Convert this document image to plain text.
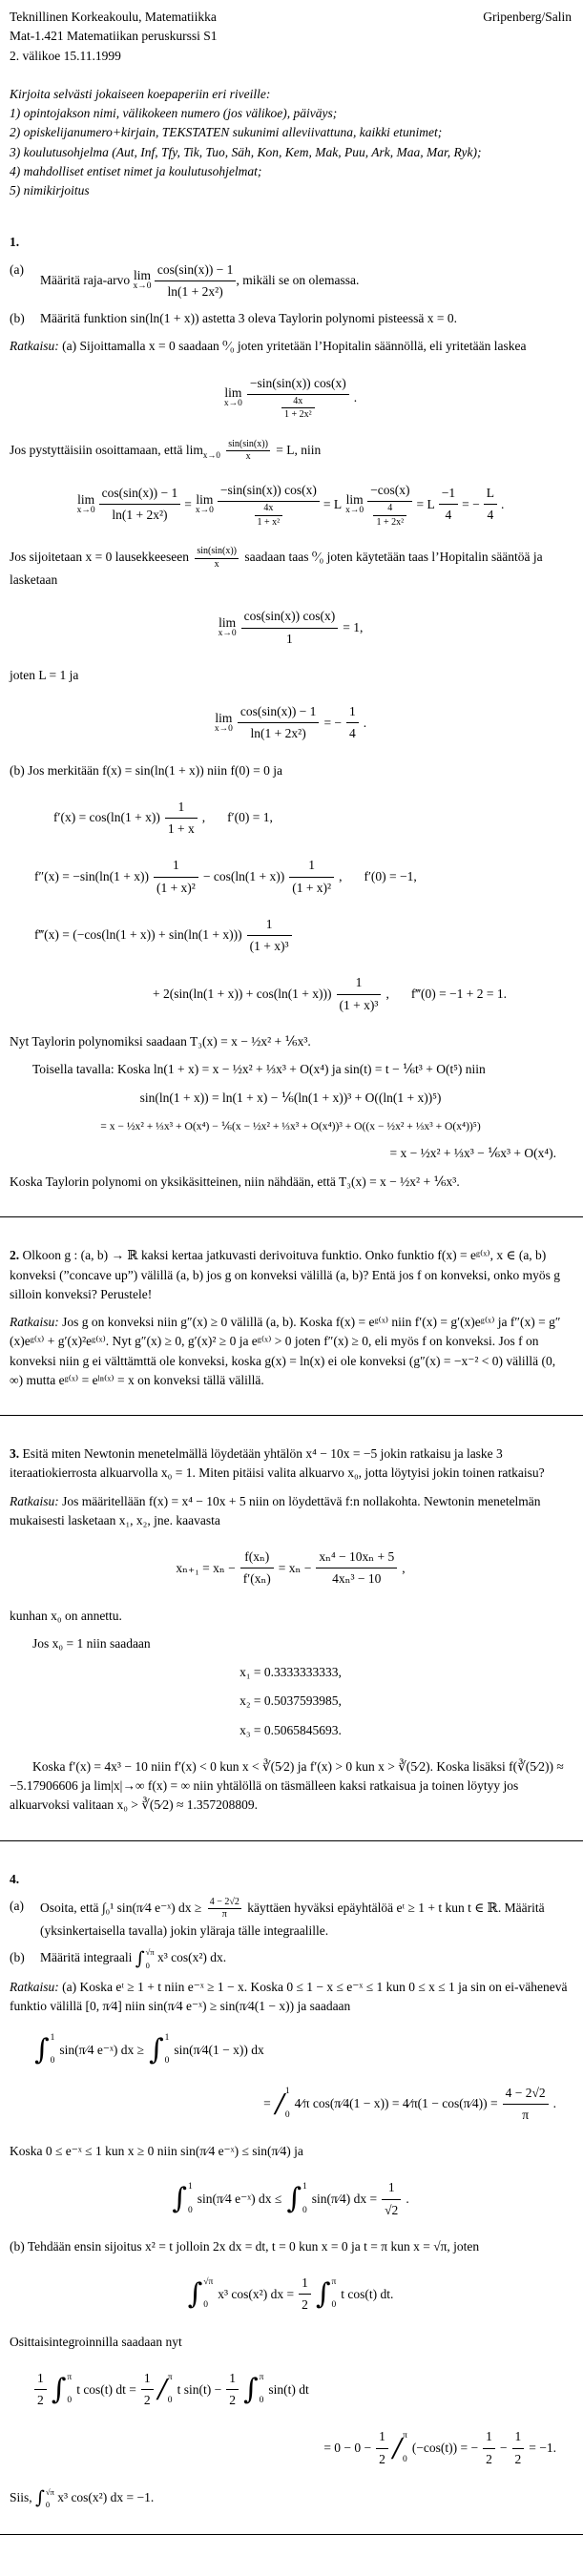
Teknillinen Korkeakoulu, Matematiikka	Gripenberg/Salin
Mat-1.421 Matematiikan peruskurssi S1
2. välikoe 15.11.1999

Kirjoita selvästi jokaiseen koepaperiin eri riveille:

1) opintojakson nimi, välikokeen numero (jos välikoe), päiväys;

2) opiskelijanumero+kirjain, TEKSTATEN sukunimi alleviivattuna, kaikki etunimet;

3) koulutusohjelma (Aut, Inf, Tfy, Tik, Tuo, Säh, Kon, Kem, Mak, Puu, Ark, Maa, Mar, Ryk);

4) mahdolliset entiset nimet ja koulutusohjelmat;

5) nimikirjoitus

1.

(a)
Määritä raja-arvo lim
x→0
$\frac{\cos(\sin(x)) - 1}{\text{ln(1 + 2x²)}}$ , mikäli se on olemassa.
(b)	Määritä funktion sin(ln(1 + x)) astetta 3 oleva Taylorin polynomi pisteessä x = 0.

Ratkaisu: (a) Sijoittamalla x = 0 saadaan ⁰⁄₀ joten yritetään l’Hopitalin säännöllä, eli yritetään laskea

lim
$x\to 0 \frac{-\sin(\sin(x)) \cos(x)}{\frac{4x}{\text{1 + 2x²}}}$ .

Jos pystyttäisiin osoittamaan, että $\lim_{x\to 0} \frac{\sin(\sin(x))}{x} = L$, niin

lim
$x\to 0 \frac{\cos(\sin(x)) - 1}{\text{ln(1 + 2x²)}} = \lim$
$x\to 0 \frac{-\sin(\sin(x)) \cos(x)}{\frac{4x}{\text{1 + x²}}} = L$ lim
$x\to 0 \frac{-\cos(x)}{\frac{4}{\text{1 + 2x²}}} = L \frac{-1}{4}$ = − $\frac{L}{4}$ .

Jos sijoitetaan x = 0 lausekkeeseen $\frac{\sin(\sin(x))}{x}$ saadaan taas ⁰⁄₀ joten käytetään taas l’Hopitalin sääntöä ja lasketaan

lim
$x\to 0 \frac{\cos(\sin(x)) \cos(x)}{1} = 1$,

joten L = 1 ja

lim
$x\to 0 \frac{\cos(\sin(x)) - 1}{\text{ln(1 + 2x²)}}$ = − $\frac{1}{4}$ .

(b) Jos merkitään f(x) = sin(ln(1 + x)) niin f(0) = 0 ja

$f'(x) = \cos(\ln(1 + x)) \frac{1}{1 + x}$ , f′(0) = 1,
$f''(x) = -\sin(\ln(1 + x)) \frac{1}{\text{(1 + x)²}} - \cos(\ln(1 + x)) \frac{1}{\text{(1 + x)²}}$ , f′(0) = −1,
f‴(x) = $(-\cos(\ln(1 + x)) + \sin(\ln(1 + x))) \frac{1}{\text{(1 + x)³}}$
+ $2(\sin(\ln(1 + x)) + \cos(\ln(1 + x))) \frac{1}{\text{(1 + x)³}}$ , f‴(0) = −1 + 2 = 1.

Nyt Taylorin polynomiksi saadaan T₃(x) = x − ½x² + ⅙x³.

Toisella tavalla: Koska ln(1 + x) = x − ½x² + ⅓x³ + O(x⁴) ja sin(t) = t − ⅙t³ + O(t⁵) niin

sin(ln(1 + x)) = ln(1 + x) − ⅙(ln(1 + x))³ + O((ln(1 + x))⁵)
= x − ½x² + ⅓x³ + O(x⁴) − ⅙(x − ½x² + ⅓x³ + O(x⁴))³ + O((x − ½x² + ⅓x³ + O(x⁴))⁵)
= x − ½x² + ⅓x³ − ⅙x³ + O(x⁴).

Koska Taylorin polynomi on yksikäsitteinen, niin nähdään, että T₃(x) = x − ½x² + ⅙x³.

2. Olkoon g : (a, b) → ℝ kaksi kertaa jatkuvasti derivoituva funktio. Onko funktio f(x) = eᵍ⁽ˣ⁾, x ∈ (a, b) konveksi (”concave up”) välillä (a, b) jos g on konveksi välillä (a, b)? Entä jos f on konveksi, onko myös g silloin konveksi? Perustele!

Ratkaisu: Jos g on konveksi niin g″(x) ≥ 0 välillä (a, b). Koska f(x) = eᵍ⁽ˣ⁾ niin f′(x) = g′(x)eᵍ⁽ˣ⁾ ja f″(x) = g″(x)eᵍ⁽ˣ⁾ + g′(x)²eᵍ⁽ˣ⁾. Nyt g″(x) ≥ 0, g′(x)² ≥ 0 ja eᵍ⁽ˣ⁾ > 0 joten f″(x) ≥ 0, eli myös f on konveksi. Jos f on konveksi niin g ei välttämttä ole konveksi, koska g(x) = ln(x) ei ole konveksi (g″(x) = −x⁻² < 0) välillä (0, ∞) mutta eᵍ⁽ˣ⁾ = eˡⁿ⁽ˣ⁾ = x on konveksi tällä välillä.

3. Esitä miten Newtonin menetelmällä löydetään yhtälön x⁴ − 10x = −5 jokin ratkaisu ja laske 3 iteraatiokierrosta alkuarvolla x₀ = 1. Miten pitäisi valita alkuarvo x₀, jotta löytyisi jokin toinen ratkaisu?

Ratkaisu: Jos määritellään f(x) = x⁴ − 10x + 5 niin on löydettävä f:n nollakohta. Newtonin menetelmän mukaisesti lasketaan x₁, x₂, jne. kaavasta

$x_{n+1} = x_n - \frac{\text{f(xₙ)}}{\text{f′(xₙ)}} = x_n - \frac{\text{xₙ⁴ − 10xₙ + 5}}{\text{4xₙ³ − 10}}$ ,

kunhan x₀ on annettu.

Jos x₀ = 1 niin saadaan

x₁ = 0.3333333333,
x₂ = 0.5037593985,
x₃ = 0.5065845693.

Koska f′(x) = 4x³ − 10 niin f′(x) < 0 kun x < ∛(5⁄2) ja f′(x) > 0 kun x > ∛(5⁄2). Koska lisäksi f(∛(5⁄2)) ≈ −5.17906606 ja lim|x|→∞ f(x) = ∞ niin yhtälöllä on täsmälleen kaksi ratkaisua ja toinen löytyy jos alkuarvoksi valitaan x₀ > ∛(5⁄2) ≈ 1.357208809.

4.

(a)	Osoita, että ∫₀¹ sin(π⁄4 e⁻ˣ) dx ≥ $\frac{4 - 2√2}{\pi}$ käyttäen hyväksi epäyhtälöä eᵗ ≥ 1 + t kun t ∈ ℝ. Määritä (yksinkertaisella tavalla) jokin yläraja tälle integraalille.
(b)	Määritä integraali ∫ √π
0
x³ cos(x²) dx.

Ratkaisu: (a) Koska eᵗ ≥ 1 + t niin e⁻ˣ ≥ 1 − x. Koska 0 ≤ 1 − x ≤ e⁻ˣ ≤ 1 kun 0 ≤ x ≤ 1 ja sin on ei-vähenevä funktio välillä [0, π⁄4] niin sin(π⁄4 e⁻ˣ) ≥ sin(π⁄4(1 − x)) ja saadaan

∫ 1
0
sin(π⁄4 e⁻ˣ) dx ≥ ∫ 1
0
sin(π⁄4(1 − x)) dx
= / 1
0
4⁄π cos(π⁄4(1 − x)) = 4⁄π(1 − cos(π⁄4)) = $\frac{4 - 2√2}{\pi}$ .

Koska 0 ≤ e⁻ˣ ≤ 1 kun x ≥ 0 niin sin(π⁄4 e⁻ˣ) ≤ sin(π⁄4) ja

∫ 1
0
sin(π⁄4 e⁻ˣ) dx ≤ ∫ 1
0
sin(π⁄4) dx = $\frac{1}{√2}$ .

(b) Tehdään ensin sijoitus x² = t jolloin 2x dx = dt, t = 0 kun x = 0 ja t = π kun x = √π, joten

∫ √π
0
x³ cos(x²) dx = $\frac{1}{2}$ ∫ π
0
t cos(t) dt.

Osittaisintegroinnilla saadaan nyt

$\frac{1}{2}$ ∫ π
0
t cos(t) dt = $\frac{1}{2}$ / π
0
t $\sin(t) - \frac{1}{2}$ ∫ π
0
sin(t) dt
= $0 - 0 - \frac{1}{2} / \pi$
0
(−cos(t)) = − $\frac{1}{2} - \frac{1}{2} = -1$.

Siis, ∫ √π
0
x³ cos(x²) dx = −1.
